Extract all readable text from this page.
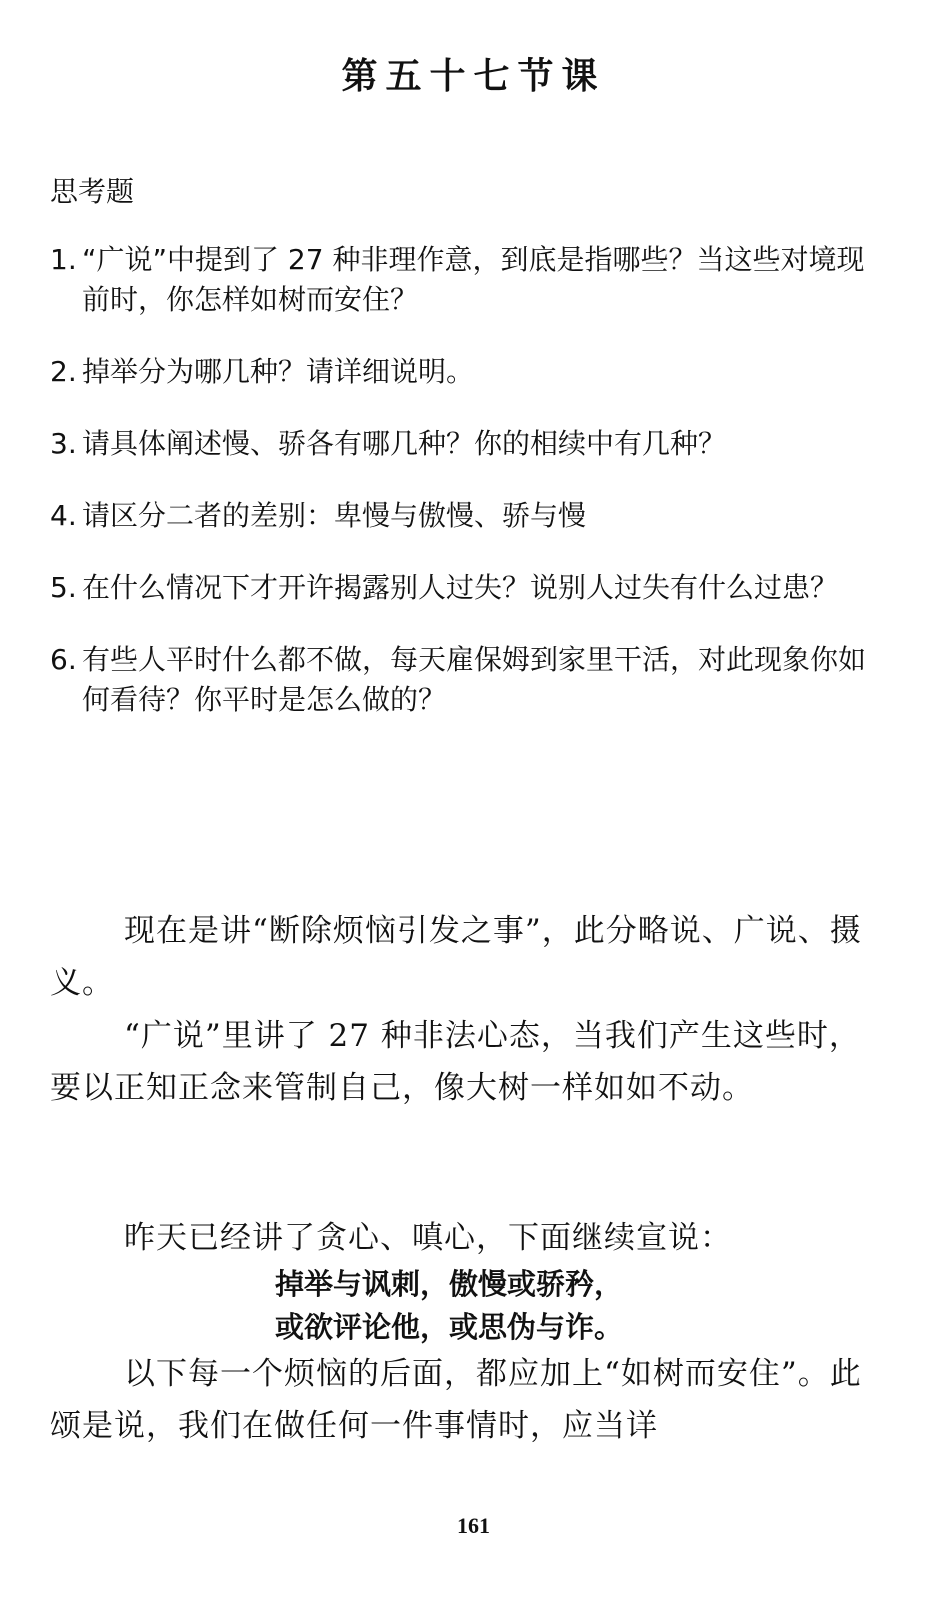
第五十七节课
思考题
1. “广说”中提到了 27 种非理作意，到底是指哪些？当这些对境现前时，你怎样如树而安住？
2. 掉举分为哪几种？请详细说明。
3. 请具体阐述慢、骄各有哪几种？你的相续中有几种？
4. 请区分二者的差别：卑慢与傲慢、骄与慢
5. 在什么情况下才开许揭露别人过失？说别人过失有什么过患？
6. 有些人平时什么都不做，每天雇保姆到家里干活，对此现象你如何看待？你平时是怎么做的？

现在是讲“断除烦恼引发之事”，此分略说、广说、摄义。

“广说”里讲了 27 种非法心态，当我们产生这些时，要以正知正念来管制自己，像大树一样如如不动。

昨天已经讲了贪心、嗔心，下面继续宣说：

掉举与讽刺，傲慢或骄矜，

或欲评论他，或思伪与诈。

以下每一个烦恼的后面，都应加上“如树而安住”。此颂是说，我们在做任何一件事情时，应当详

161
